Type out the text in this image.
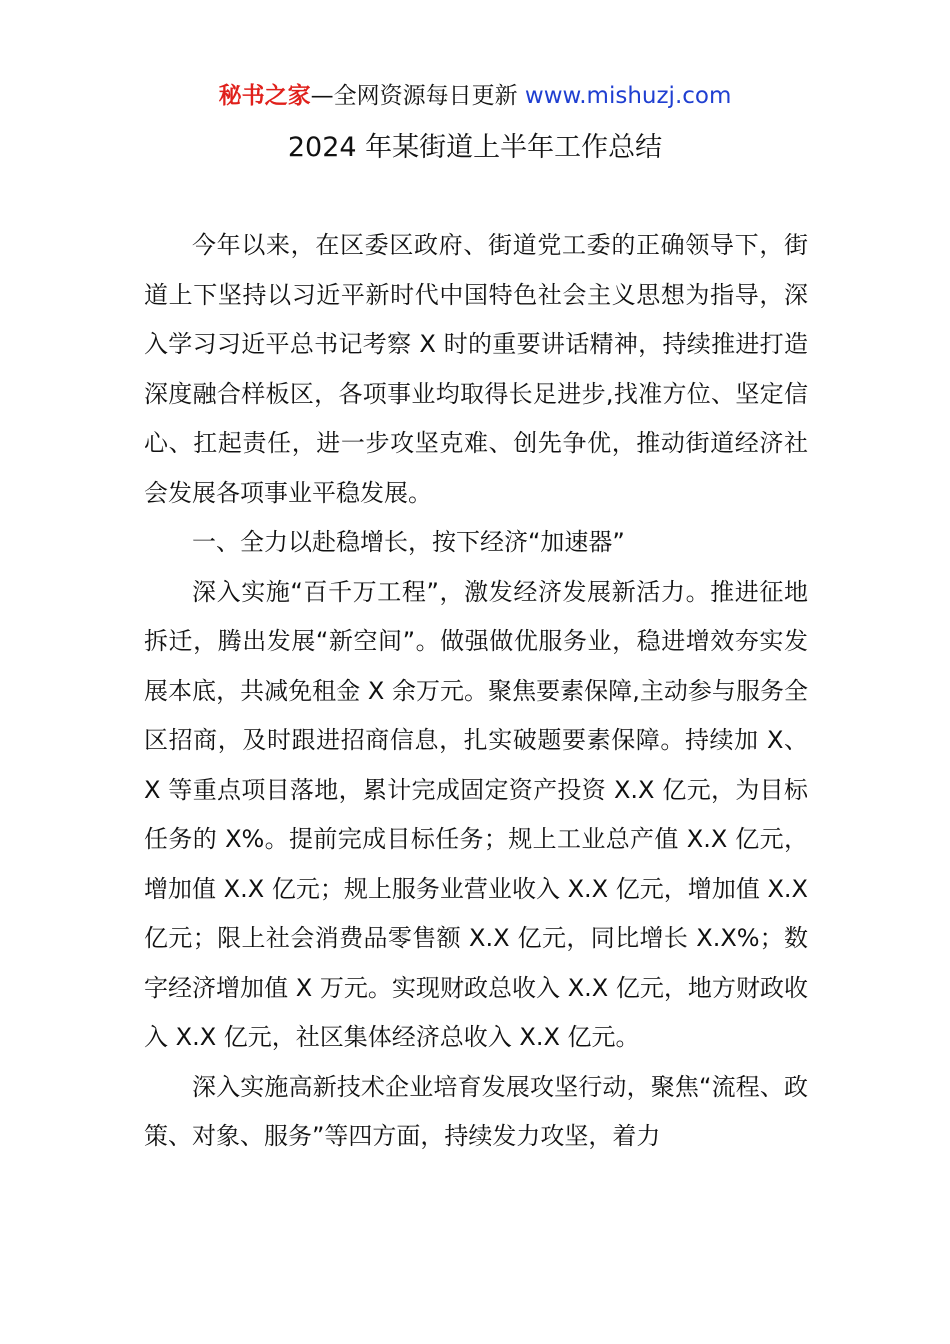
秘书之家—全网资源每日更新 www.mishuzj.com
2024 年某街道上半年工作总结

今年以来，在区委区政府、街道党工委的正确领导下，街道上下坚持以习近平新时代中国特色社会主义思想为指导，深入学习习近平总书记考察 X 时的重要讲话精神，持续推进打造深度融合样板区，各项事业均取得长足进步,找准方位、坚定信心、扛起责任，进一步攻坚克难、创先争优，推动街道经济社会发展各项事业平稳发展。

一、全力以赴稳增长，按下经济“加速器”

深入实施“百千万工程”，激发经济发展新活力。推进征地拆迁，腾出发展“新空间”。做强做优服务业，稳进增效夯实发展本底，共减免租金 X 余万元。聚焦要素保障,主动参与服务全区招商，及时跟进招商信息，扎实破题要素保障。持续加 X、X 等重点项目落地，累计完成固定资产投资 X.X 亿元，为目标任务的 X%。提前完成目标任务；规上工业总产值 X.X 亿元，增加值 X.X 亿元；规上服务业营业收入 X.X 亿元，增加值 X.X 亿元；限上社会消费品零售额 X.X 亿元，同比增长 X.X%；数字经济增加值 X 万元。实现财政总收入 X.X 亿元，地方财政收入 X.X 亿元，社区集体经济总收入 X.X 亿元。

深入实施高新技术企业培育发展攻坚行动，聚焦“流程、政策、对象、服务”等四方面，持续发力攻坚，着力
